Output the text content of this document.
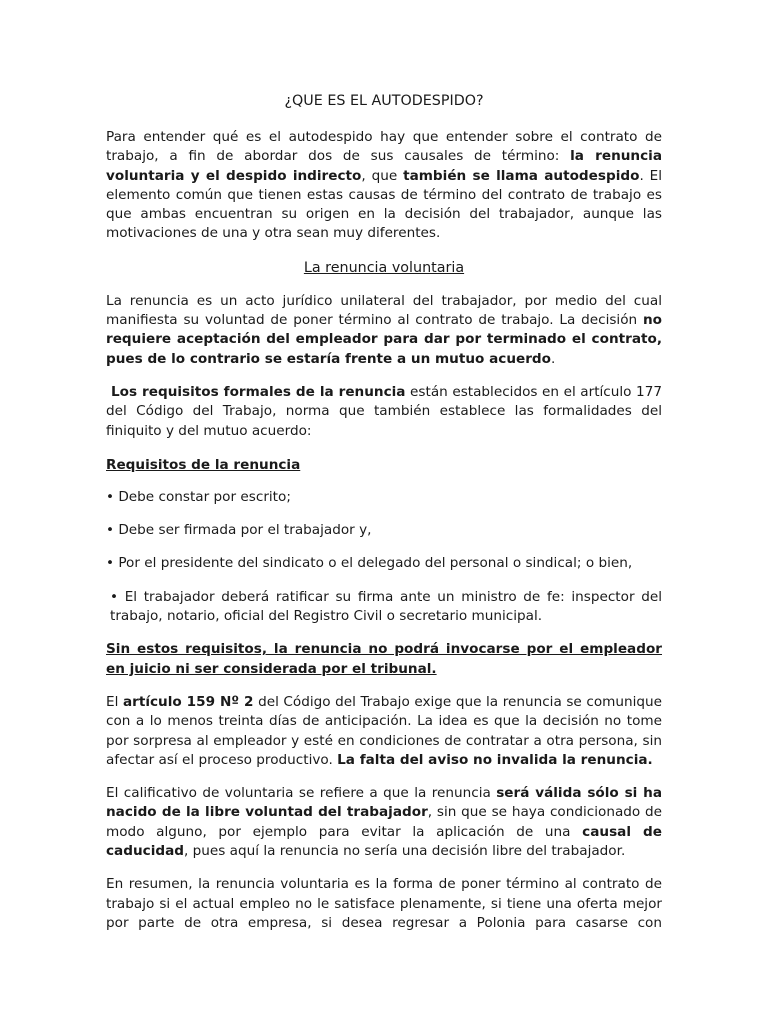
¿QUE ES EL AUTODESPIDO?

Para entender qué es el autodespido hay que entender sobre el contrato de trabajo, a fin de abordar dos de sus causales de término: la renuncia voluntaria y el despido indirecto, que también se llama autodespido. El elemento común que tienen estas causas de término del contrato de trabajo es que ambas encuentran su origen en la decisión del trabajador, aunque las motivaciones de una y otra sean muy diferentes.

La renuncia voluntaria

La renuncia es un acto jurídico unilateral del trabajador, por medio del cual manifiesta su voluntad de poner término al contrato de trabajo. La decisión no requiere aceptación del empleador para dar por terminado el contrato, pues de lo contrario se estaría frente a un mutuo acuerdo.

Los requisitos formales de la renuncia están establecidos en el artículo 177 del Código del Trabajo, norma que también establece las formalidades del finiquito y del mutuo acuerdo:

Requisitos de la renuncia

• Debe constar por escrito;

• Debe ser firmada por el trabajador y,

• Por el presidente del sindicato o el delegado del personal o sindical; o bien,

• El trabajador deberá ratificar su firma ante un ministro de fe: inspector del trabajo, notario, oficial del Registro Civil o secretario municipal.

Sin estos requisitos, la renuncia no podrá invocarse por el empleador en juicio ni ser considerada por el tribunal.

El artículo 159 Nº 2 del Código del Trabajo exige que la renuncia se comunique con a lo menos treinta días de anticipación. La idea es que la decisión no tome por sorpresa al empleador y esté en condiciones de contratar a otra persona, sin afectar así el proceso productivo. La falta del aviso no invalida la renuncia.

El calificativo de voluntaria se refiere a que la renuncia será válida sólo si ha nacido de la libre voluntad del trabajador, sin que se haya condicionado de modo alguno, por ejemplo para evitar la aplicación de una causal de caducidad, pues aquí la renuncia no sería una decisión libre del trabajador.

En resumen, la renuncia voluntaria es la forma de poner término al contrato de trabajo si el actual empleo no le satisface plenamente, si tiene una oferta mejor por parte de otra empresa, si desea regresar a Polonia para casarse con
